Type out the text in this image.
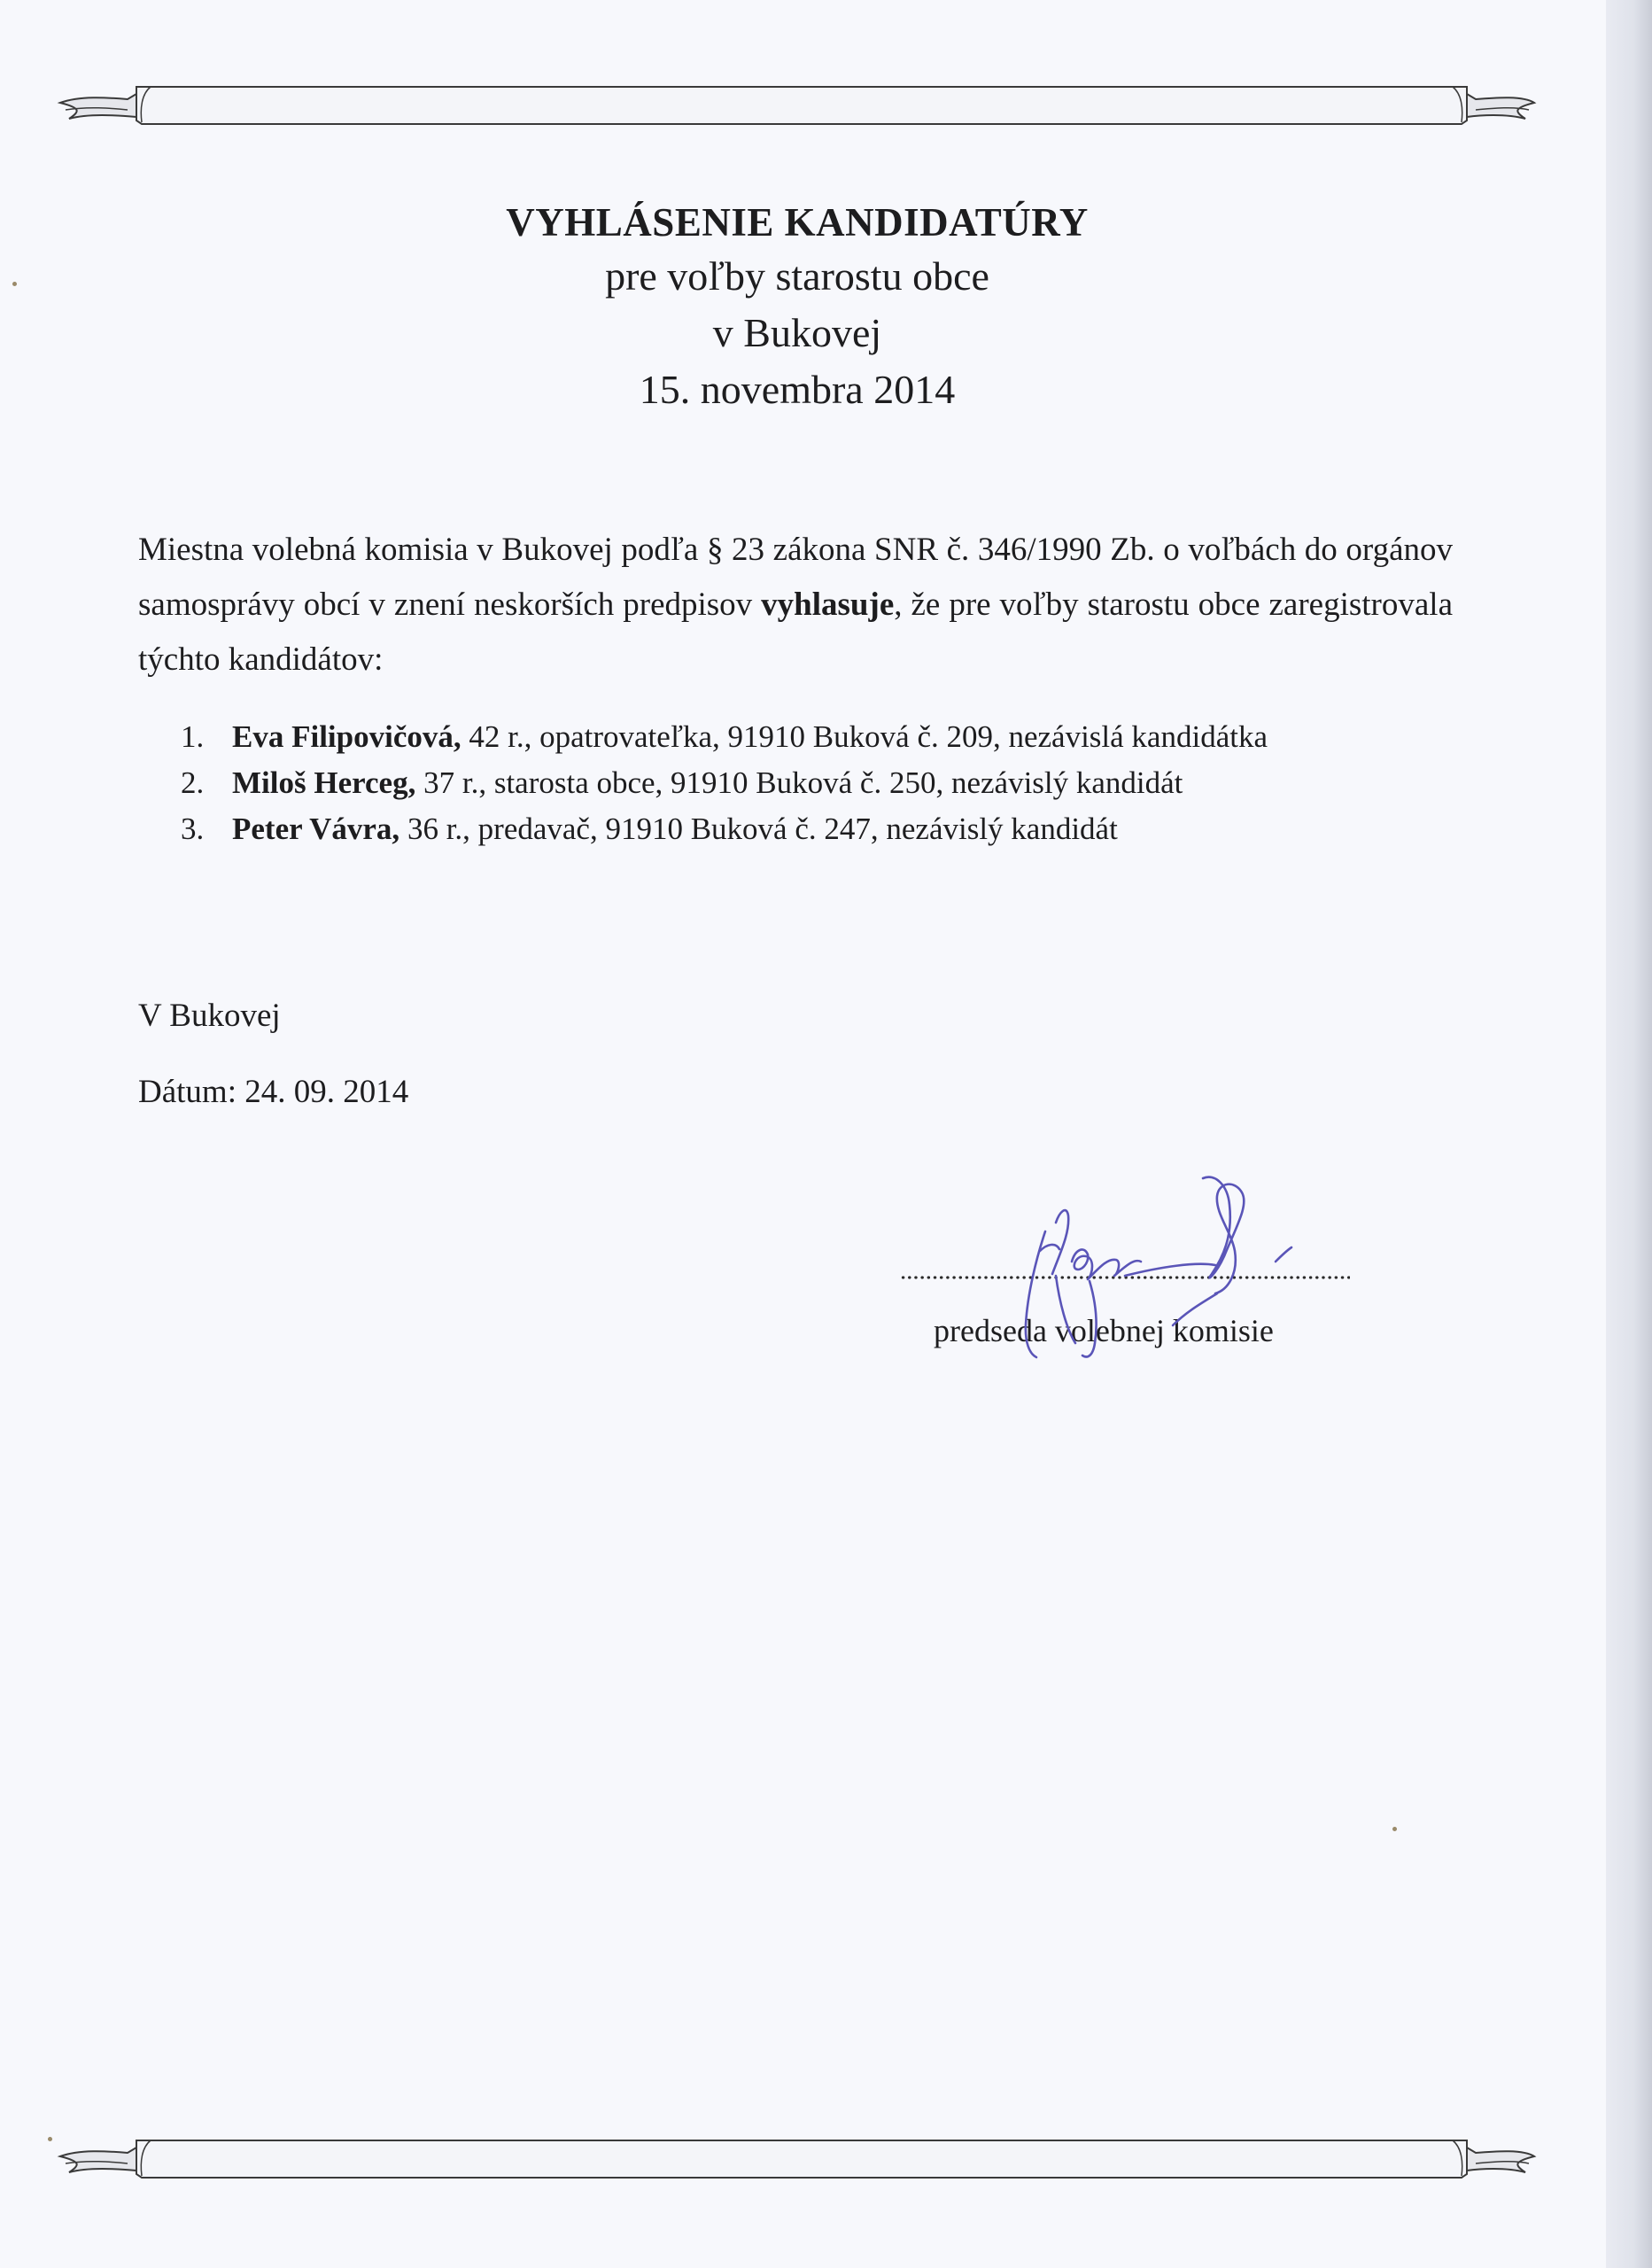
VYHLÁSENIE KANDIDATÚRY
pre voľby starostu obce
v Bukovej
15. novembra 2014

Miestna volebná komisia v Bukovej podľa § 23 zákona SNR č. 346/1990 Zb. o voľbách do orgánov samosprávy obcí v znení neskorších predpisov vyhlasuje, že pre voľby starostu obce zaregistrovala týchto kandidátov:

1. Eva Filipovičová, 42 r., opatrovateľka, 91910 Buková č. 209, nezávislá kandidátka
2. Miloš Herceg, 37 r., starosta obce, 91910 Buková č. 250, nezávislý kandidát
3. Peter Vávra, 36 r., predavač, 91910 Buková č. 247, nezávislý kandidát
V Bukovej
Dátum: 24. 09. 2014
predseda volebnej komisie
